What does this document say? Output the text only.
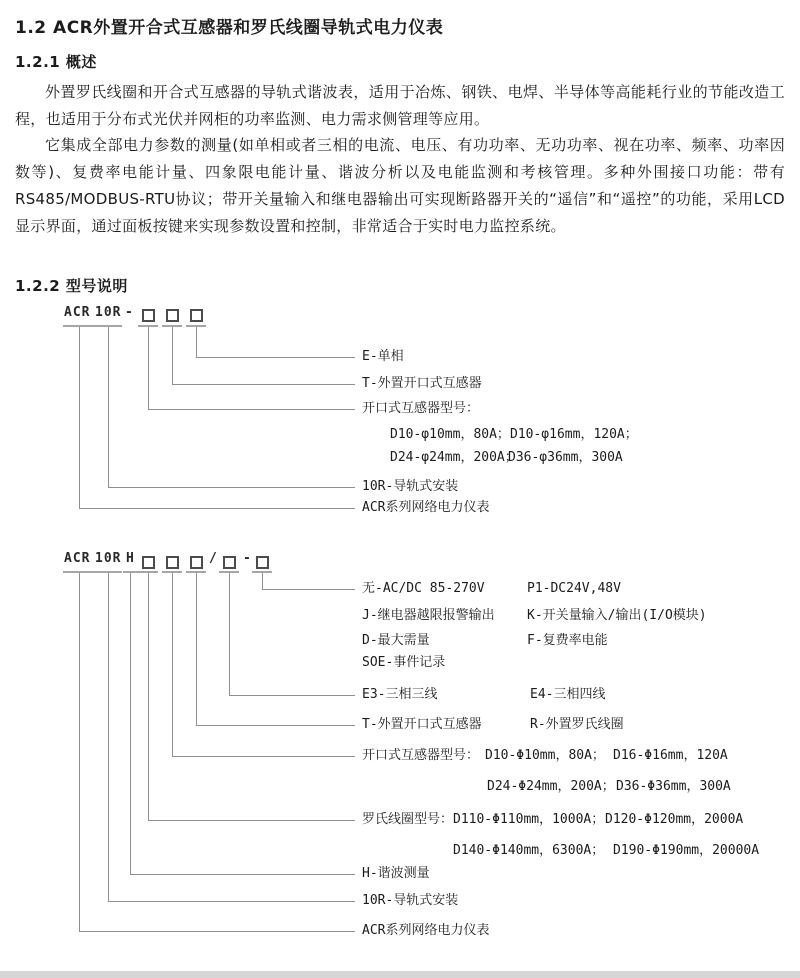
1.2 ACR外置开合式互感器和罗氏线圈导轨式电力仪表
1.2.1 概述

外置罗氏线圈和开合式互感器的导轨式谐波表，适用于冶炼、钢铁、电焊、半导体等高能耗行业的节能改造工程，也适用于分布式光伏并网柜的功率监测、电力需求侧管理等应用。

它集成全部电力参数的测量(如单相或者三相的电流、电压、有功功率、无功功率、视在功率、频率、功率因数等)、复费率电能计量、四象限电能计量、谐波分析以及电能监测和考核管理。多种外围接口功能：带有RS485/MODBUS-RTU协议；带开关量输入和继电器输出可实现断路器开关的“遥信”和“遥控”的功能，采用LCD显示界面，通过面板按键来实现参数设置和控制，非常适合于实时电力监控系统。

1.2.2 型号说明
ACR 10R -
E-单相
T-外置开口式互感器
开口式互感器型号：
D10-φ10mm，80A； D10-φ16mm，120A；
D24-φ24mm，200A；
D36-φ36mm，300A
10R-导轨式安装
ACR系列网络电力仪表
ACR 10R H	/ -
无-AC/DC 85-270V	P1-DC24V,48V
J-继电器越限报警输出 K-开关量输入/输出(I/O模块)
D-最大需量	F-复费率电能
SOE-事件记录
E3-三相三线	E4-三相四线
T-外置开口式互感器	R-外置罗氏线圈
开口式互感器型号： D10-Φ10mm，80A； D16-Φ16mm，120A
D24-Φ24mm，200A； D36-Φ36mm，300A
罗氏线圈型号： D110-Φ110mm，1000A； D120-Φ120mm，2000A
D140-Φ140mm，6300A； D190-Φ190mm，20000A
H-谐波测量
10R-导轨式安装
ACR系列网络电力仪表
